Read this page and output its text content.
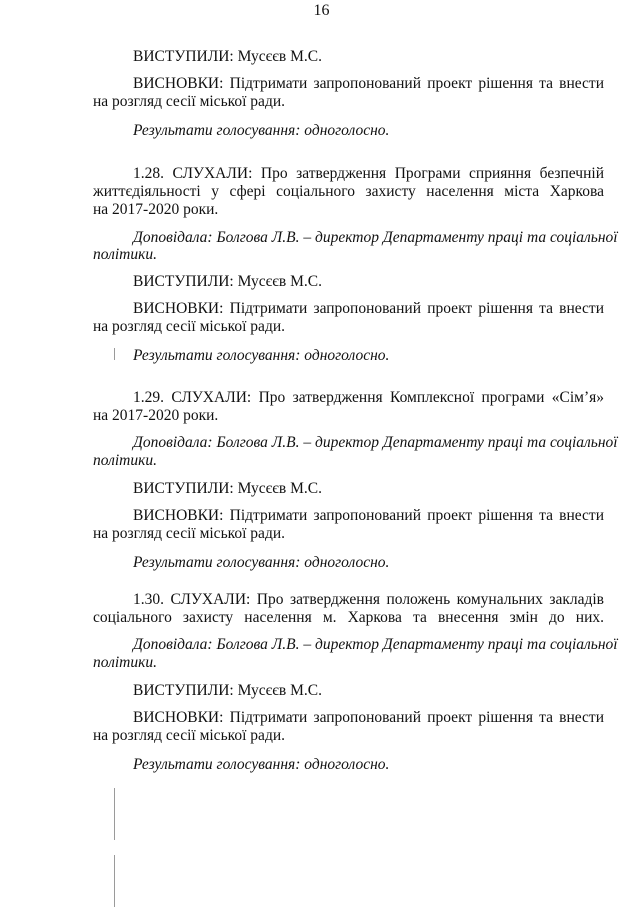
16
ВИСТУПИЛИ: Мусєєв М.С.
ВИСНОВКИ: Підтримати запропонований проект рішення та внести
на розгляд сесії міської ради.
Результати голосування: одноголосно.
1.28. СЛУХАЛИ: Про затвердження Програми сприяння безпечній
життєдіяльності у сфері соціального захисту населення міста Харкова
на 2017-2020 роки.
Доповідала: Болгова Л.В. – директор Департаменту праці та соціальної
політики.
ВИСТУПИЛИ: Мусєєв М.С.
ВИСНОВКИ: Підтримати запропонований проект рішення та внести
на розгляд сесії міської ради.
Результати голосування: одноголосно.
1.29. СЛУХАЛИ: Про затвердження Комплексної програми «Сім’я»
на 2017-2020 роки.
Доповідала: Болгова Л.В. – директор Департаменту праці та соціальної
політики.
ВИСТУПИЛИ: Мусєєв М.С.
ВИСНОВКИ: Підтримати запропонований проект рішення та внести
на розгляд сесії міської ради.
Результати голосування: одноголосно.
1.30. СЛУХАЛИ: Про затвердження положень комунальних закладів
соціального захисту населення м. Харкова та внесення змін до них.
Доповідала: Болгова Л.В. – директор Департаменту праці та соціальної
політики.
ВИСТУПИЛИ: Мусєєв М.С.
ВИСНОВКИ: Підтримати запропонований проект рішення та внести
на розгляд сесії міської ради.
Результати голосування: одноголосно.
